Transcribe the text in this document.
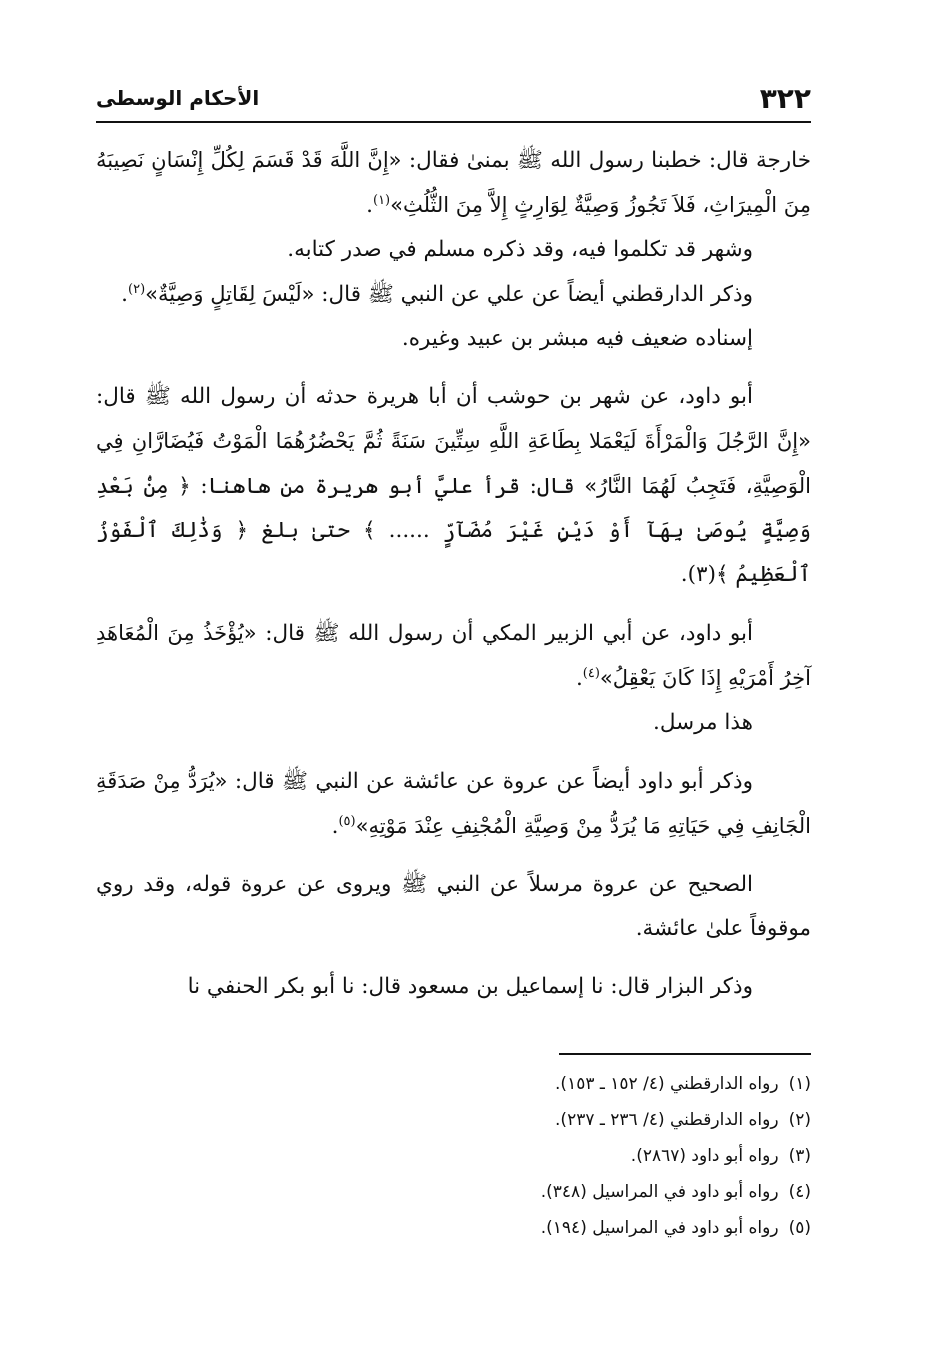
٣٢٢
الأحكام الوسطى

خارجة قال: خطبنا رسول الله ﷺ بمنىٰ فقال: «إِنَّ اللَّهَ قَدْ قَسَمَ لِكُلِّ إِنْسَانٍ نَصِيبَهُ مِنَ الْمِيرَاثِ، فَلاَ تَجُوزُ وَصِيَّةٌ لِوَارِثٍ إِلاَّ مِنَ الثُّلُثِ»$^{(١)}$.

وشهر قد تكلموا فيه، وقد ذكره مسلم في صدر كتابه.

وذكر الدارقطني أيضاً عن علي عن النبي ﷺ قال: «لَيْسَ لِقَاتِلٍ وَصِيَّةٌ»$^{(٢)}$.

إسناده ضعيف فيه مبشر بن عبيد وغيره.

أبو داود، عن شهر بن حوشب أن أبا هريرة حدثه أن رسول الله ﷺ قال: «إِنَّ الرَّجُلَ وَالْمَرْأَةَ لَيَعْمَلا بِطَاعَةِ اللَّهِ سِتِّينَ سَنَةً ثُمَّ يَحْضُرُهُمَا الْمَوْتُ فَيُضَارَّانِ فِي الْوَصِيَّةِ، فَتَجِبُ لَهُمَا النَّارُ» قال: قرأ عليَّ أبو هريرة من هاهنا: ﴿ مِنْۢ بَعْدِ وَصِيَّةٍ يُوصَىٰ بِهَآ أَوْ دَيْنٍ غَيْرَ مُضَآرٍّ ...... ﴾ حتىٰ بلغ ﴿ وَذَٰلِكَ ٱلْفَوْزُ ٱلْعَظِيمُ ﴾(٣).

أبو داود، عن أبي الزبير المكي أن رسول الله ﷺ قال: «يُؤْخَذُ مِنَ الْمُعَاهَدِ آخِرُ أَمْرَيْهِ إِذَا كَانَ يَعْقِلُ»$^{(٤)}$.

هذا مرسل.

وذكر أبو داود أيضاً عن عروة عن عائشة عن النبي ﷺ قال: «يُرَدُّ مِنْ صَدَقَةِ الْجَانِفِ فِي حَيَاتِهِ مَا يُرَدُّ مِنْ وَصِيَّةِ الْمُجْنِفِ عِنْدَ مَوْتِهِ»$^{(٥)}$.

الصحيح عن عروة مرسلاً عن النبي ﷺ ويروى عن عروة قوله، وقد روي موقوفاً علىٰ عائشة.

وذكر البزار قال: نا إسماعيل بن مسعود قال: نا أبو بكر الحنفي نا

(١)رواه الدارقطني (٤/ ١٥٢ ـ ١٥٣).
(٢)رواه الدارقطني (٤/ ٢٣٦ ـ ٢٣٧).
(٣)رواه أبو داود (٢٨٦٧).
(٤)رواه أبو داود في المراسيل (٣٤٨).
(٥)رواه أبو داود في المراسيل (١٩٤).
